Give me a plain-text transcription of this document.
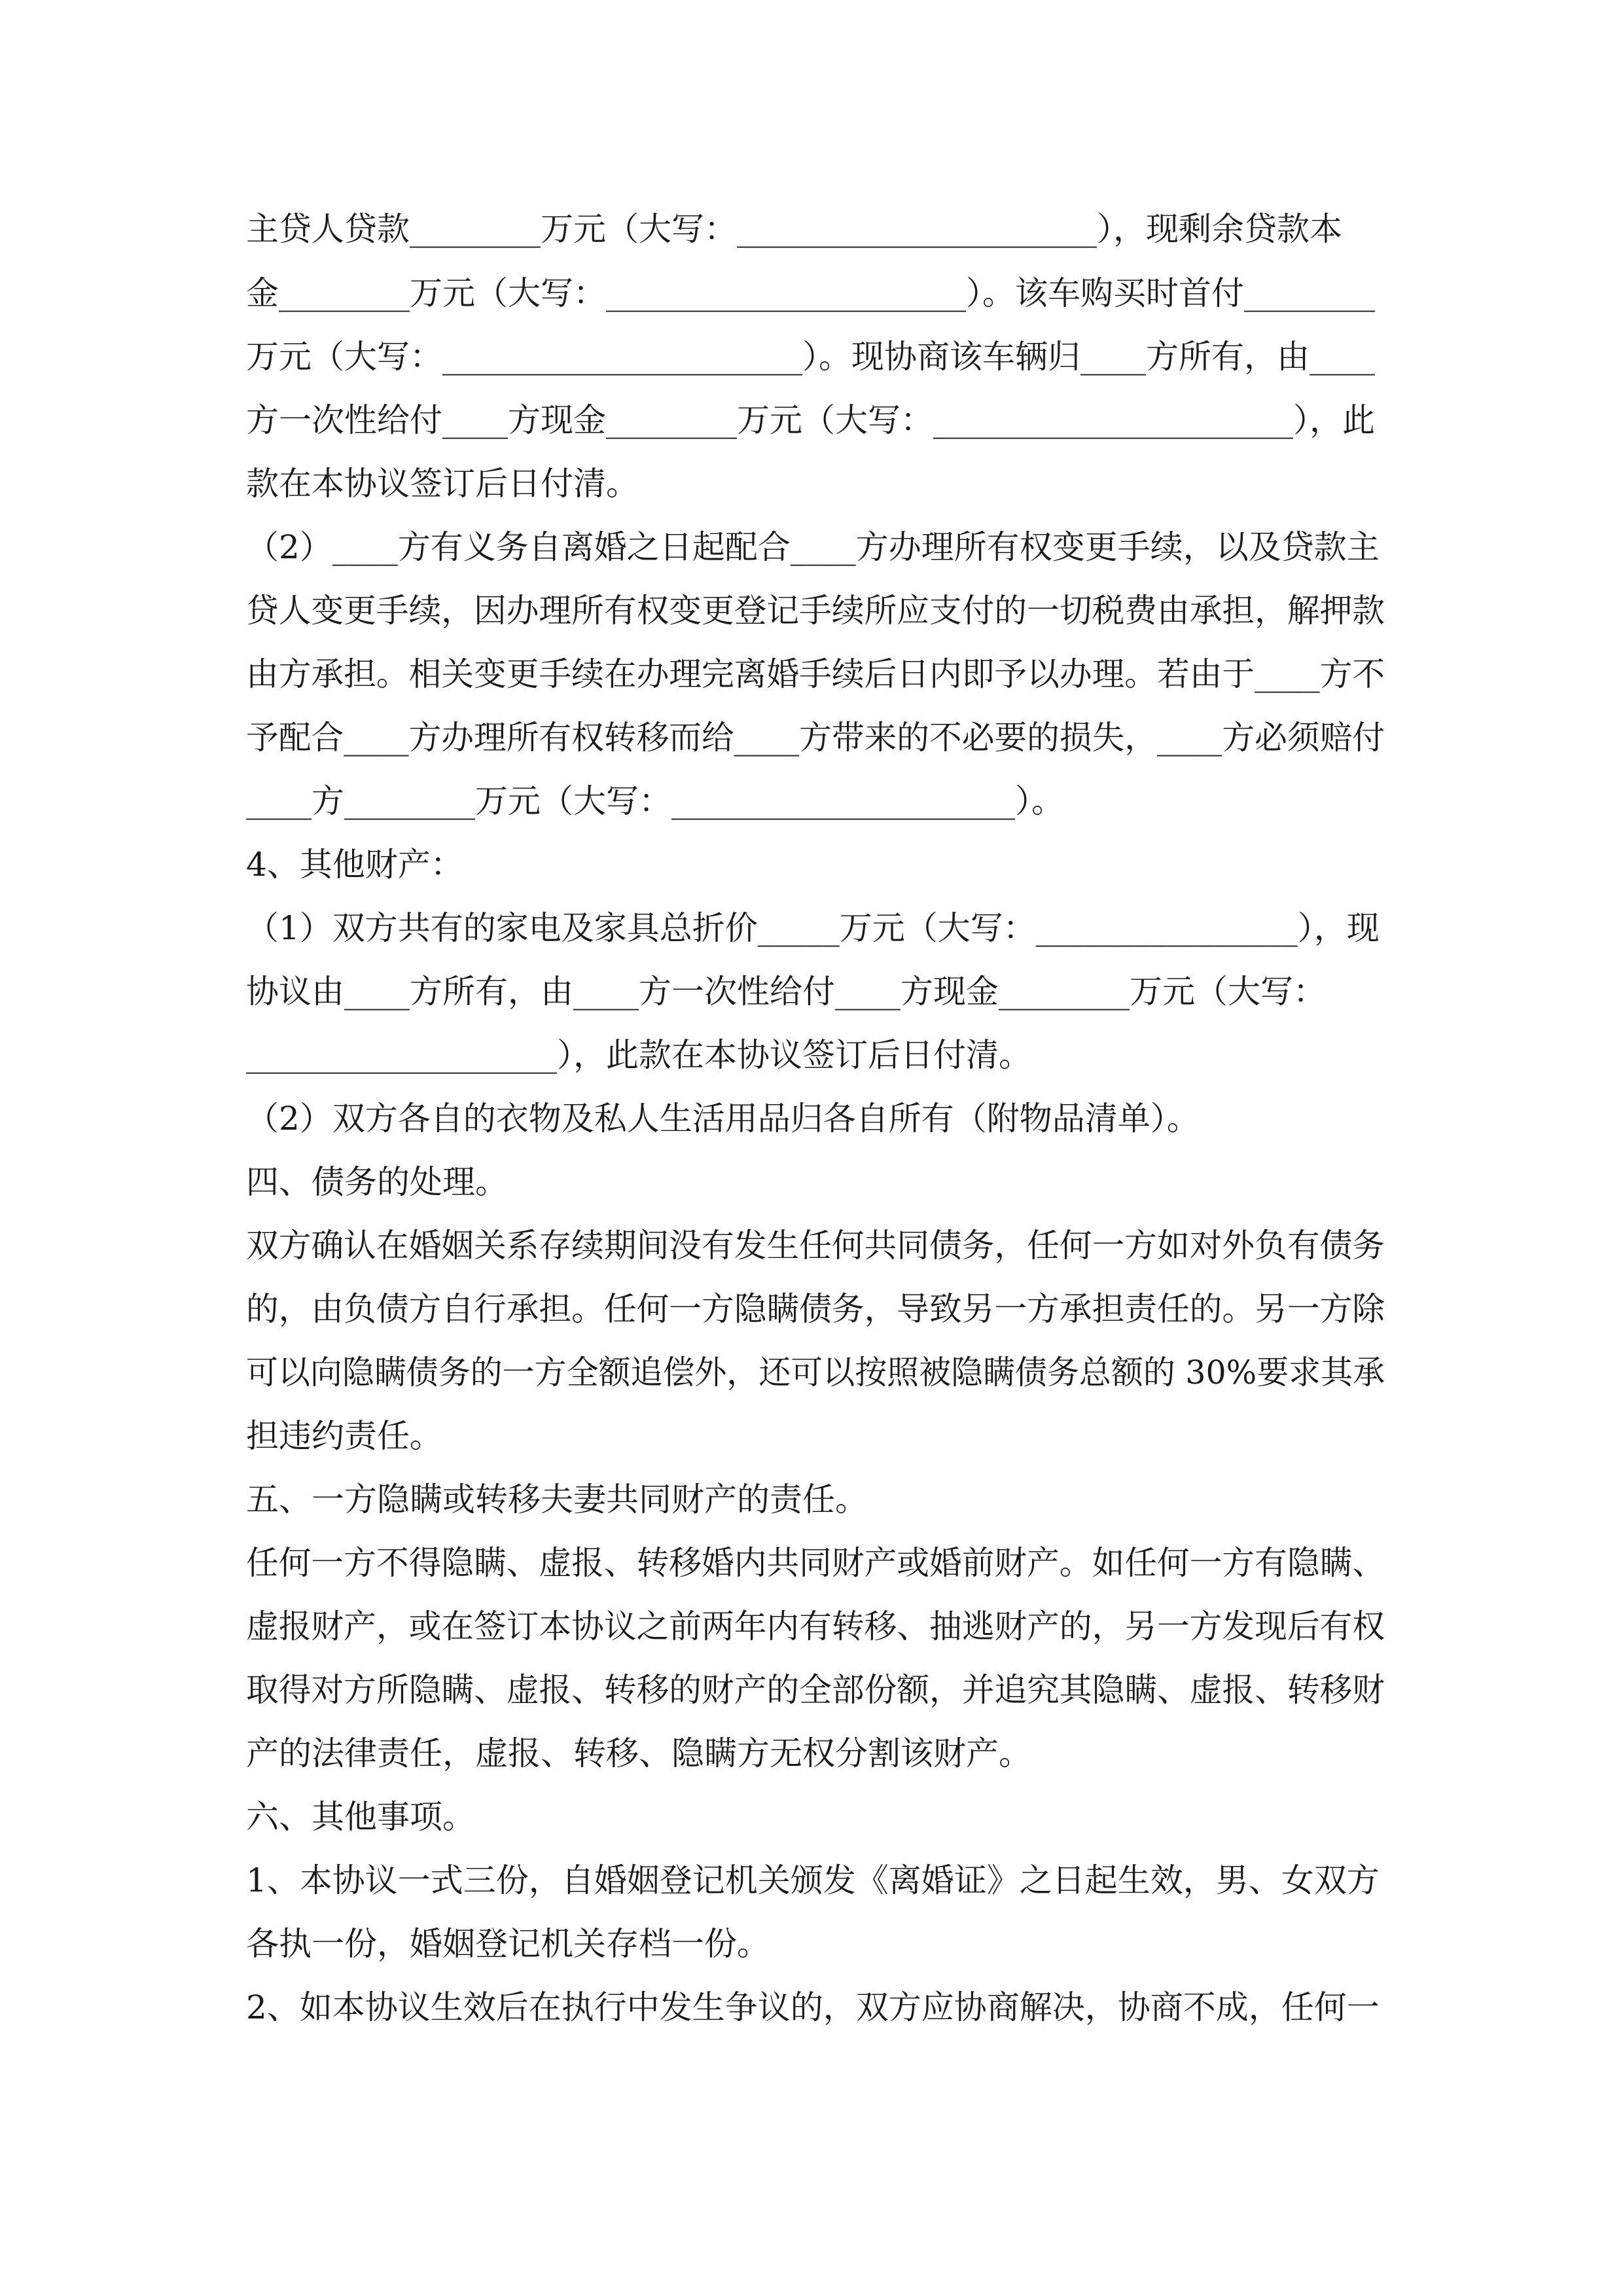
主贷人贷款________万元（大写：______________________），现剩余贷款本
金________万元（大写：______________________）。该车购买时首付________
万元（大写：______________________）。现协商该车辆归____方所有，由____
方一次性给付____方现金________万元（大写：______________________），此
款在本协议签订后日付清。
（2）____方有义务自离婚之日起配合____方办理所有权变更手续，以及贷款主
贷人变更手续，因办理所有权变更登记手续所应支付的一切税费由承担，解押款
由方承担。相关变更手续在办理完离婚手续后日内即予以办理。若由于____方不
予配合____方办理所有权转移而给____方带来的不必要的损失，____方必须赔付
____方________万元（大写：_____________________）。
4、其他财产：
（1）双方共有的家电及家具总折价_____万元（大写：________________），现
协议由____方所有，由____方一次性给付____方现金________万元（大写：
___________________），此款在本协议签订后日付清。
（2）双方各自的衣物及私人生活用品归各自所有（附物品清单）。
四、债务的处理。
双方确认在婚姻关系存续期间没有发生任何共同债务，任何一方如对外负有债务
的，由负债方自行承担。任何一方隐瞒债务，导致另一方承担责任的。另一方除
可以向隐瞒债务的一方全额追偿外，还可以按照被隐瞒债务总额的 30%要求其承
担违约责任。
五、一方隐瞒或转移夫妻共同财产的责任。
任何一方不得隐瞒、虚报、转移婚内共同财产或婚前财产。如任何一方有隐瞒、
虚报财产，或在签订本协议之前两年内有转移、抽逃财产的，另一方发现后有权
取得对方所隐瞒、虚报、转移的财产的全部份额，并追究其隐瞒、虚报、转移财
产的法律责任，虚报、转移、隐瞒方无权分割该财产。
六、其他事项。
1、本协议一式三份，自婚姻登记机关颁发《离婚证》之日起生效，男、女双方
各执一份，婚姻登记机关存档一份。
2、如本协议生效后在执行中发生争议的，双方应协商解决，协商不成，任何一
